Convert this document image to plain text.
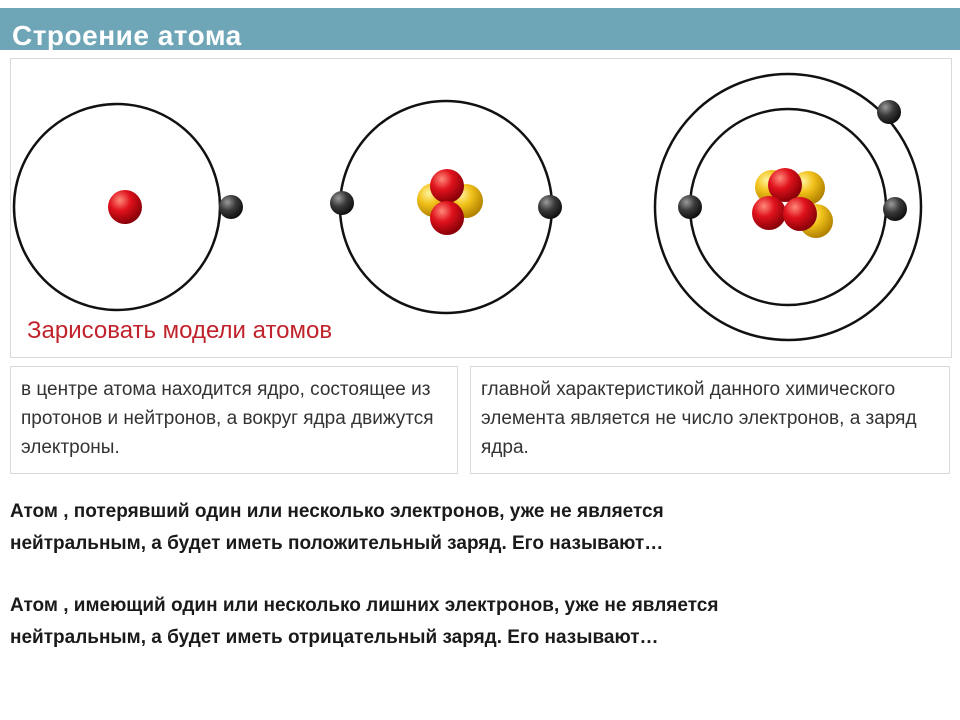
Строение атома
Зарисовать модели атомов
в центре атома находится ядро, состоящее из протонов и нейтронов, а вокруг ядра движутся электроны.
главной характеристикой данного химического элемента является не число электронов, а заряд ядра.
Атом , потерявший один или несколько электронов, уже не является
нейтральным, а будет иметь положительный заряд. Его называют…
Атом , имеющий один или несколько лишних электронов, уже не является
нейтральным, а будет иметь отрицательный заряд. Его называют…
